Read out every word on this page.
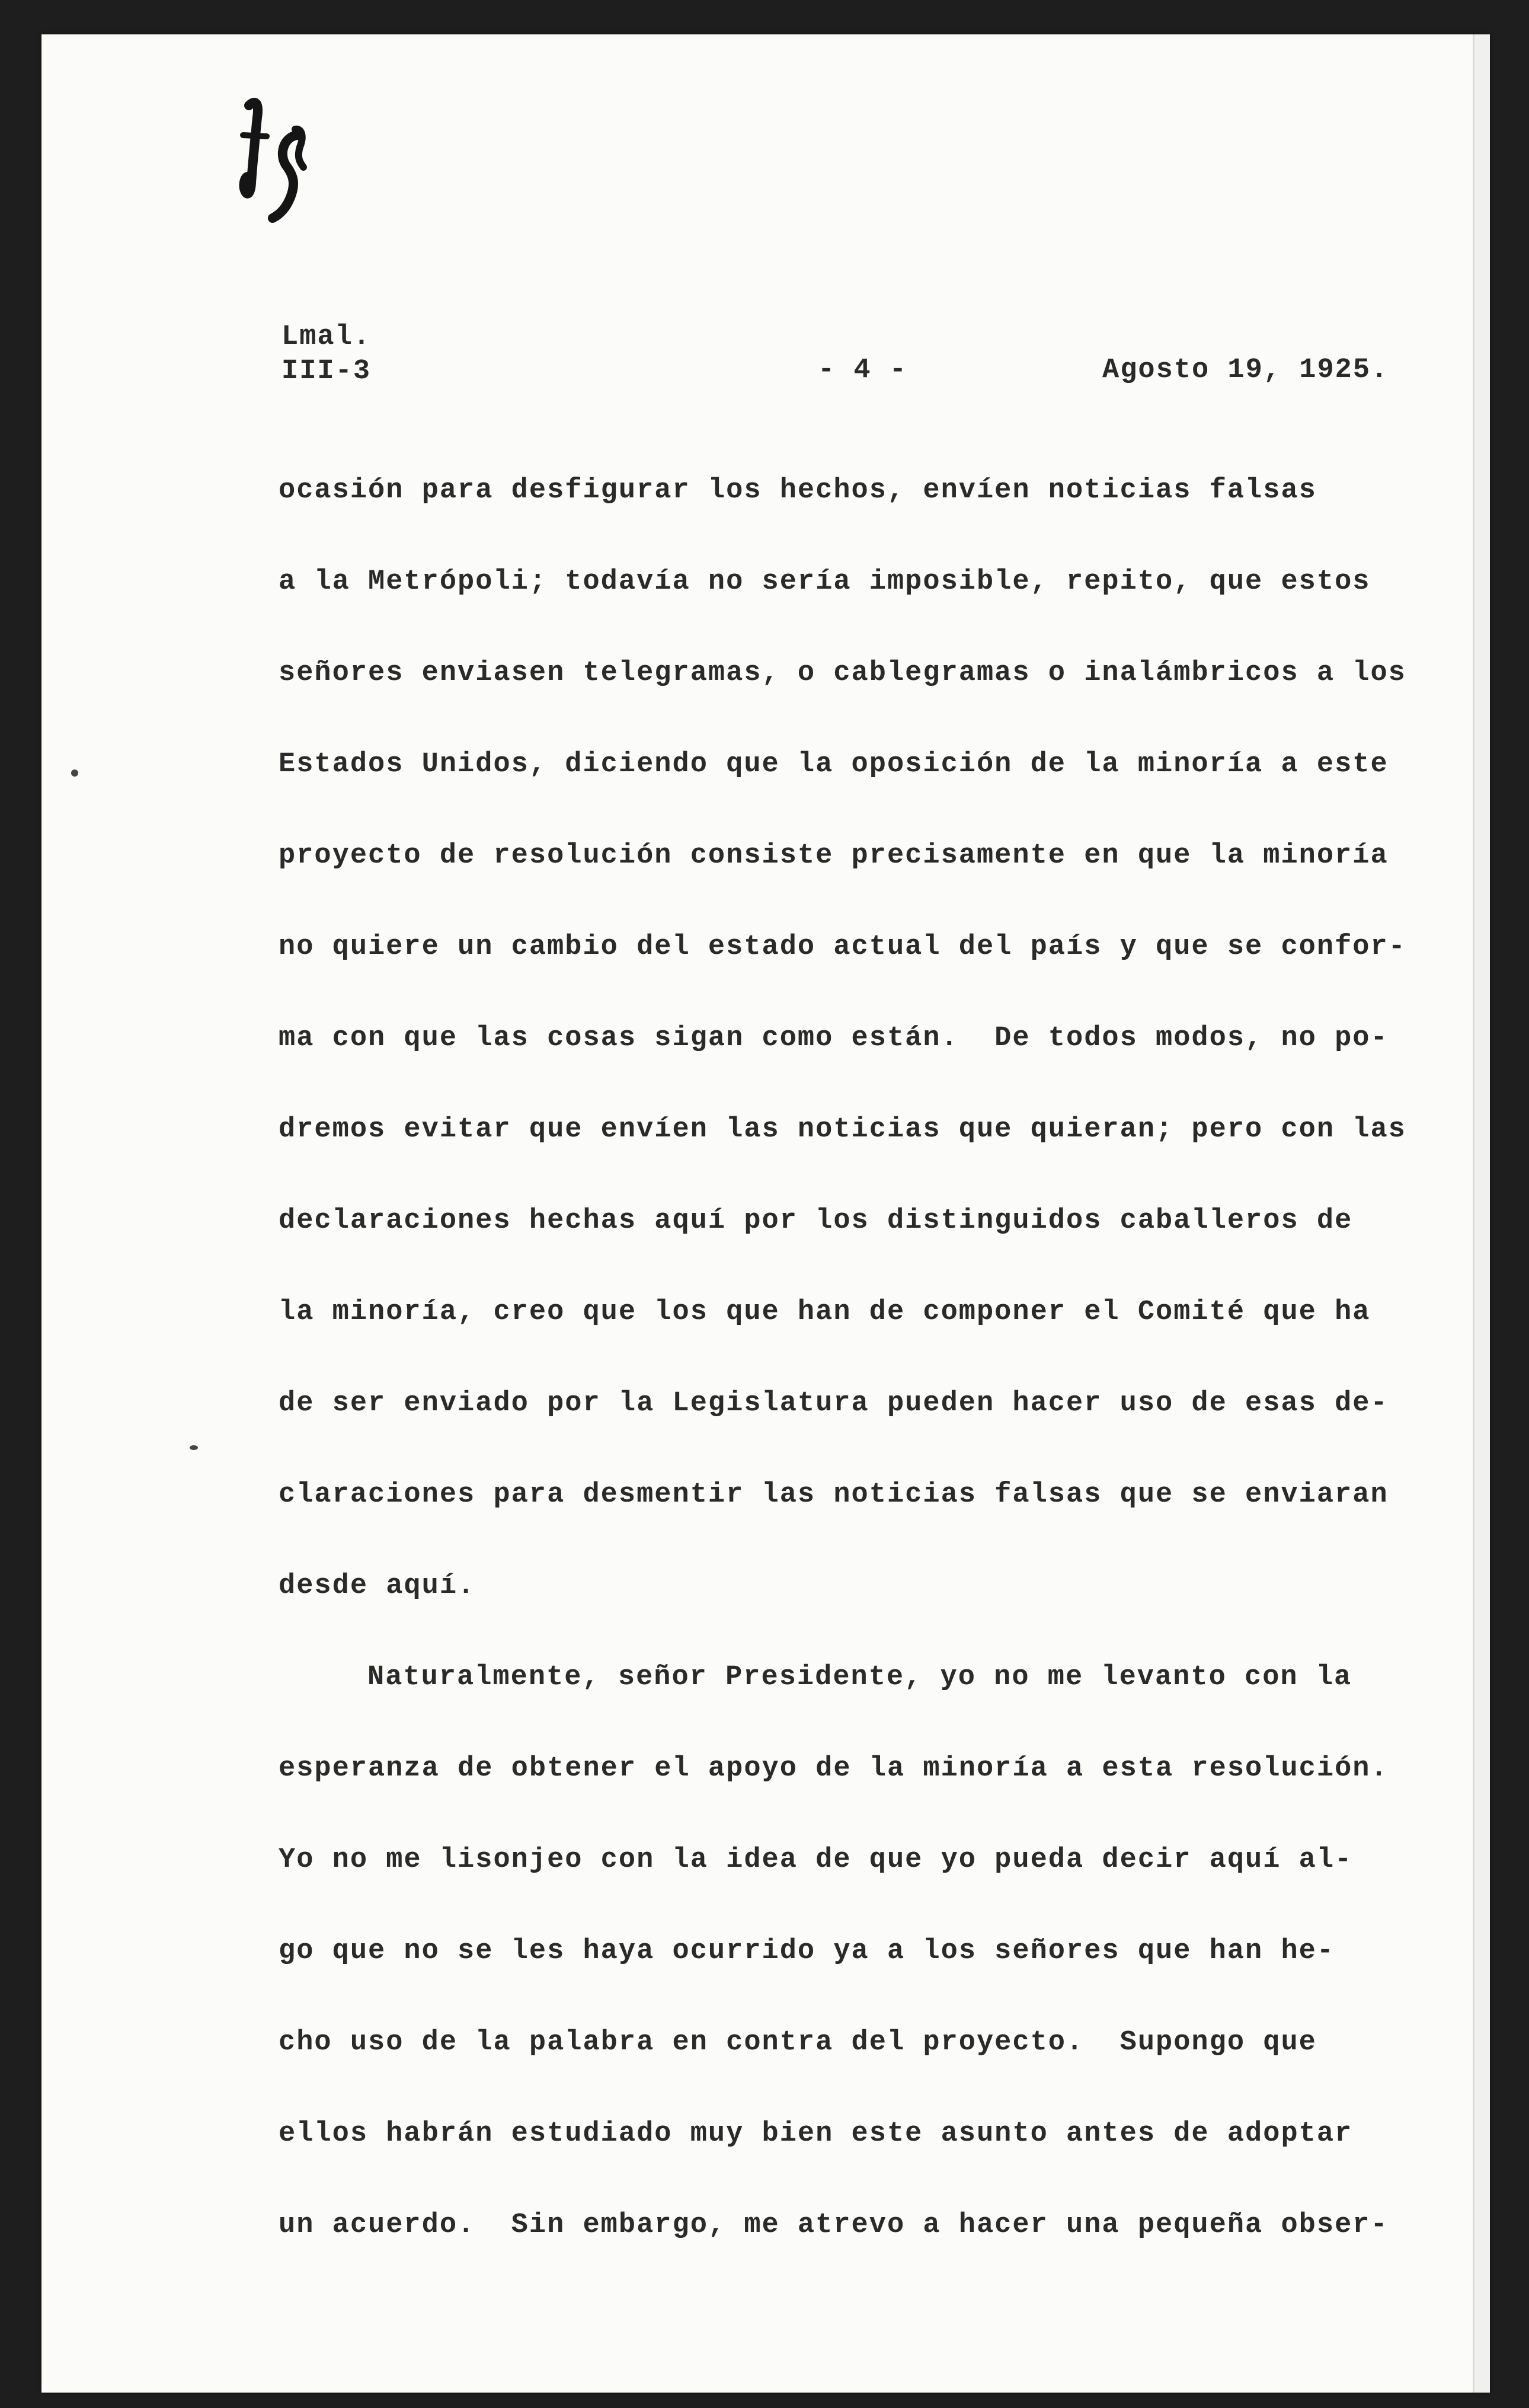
Lmal.
III-3	- 4 -	Agosto 19, 1925.
ocasión para desfigurar los hechos, envíen noticias falsas
a la Metrópoli; todavía no sería imposible, repito, que estos
señores enviasen telegramas, o cablegramas o inalámbricos a los
Estados Unidos, diciendo que la oposición de la minoría a este
proyecto de resolución consiste precisamente en que la minoría
no quiere un cambio del estado actual del país y que se confor-
ma con que las cosas sigan como están.  De todos modos, no po-
dremos evitar que envíen las noticias que quieran; pero con las
declaraciones hechas aquí por los distinguidos caballeros de
la minoría, creo que los que han de componer el Comité que ha
de ser enviado por la Legislatura pueden hacer uso de esas de-
claraciones para desmentir las noticias falsas que se enviaran
desde aquí.
Naturalmente, señor Presidente, yo no me levanto con la
esperanza de obtener el apoyo de la minoría a esta resolución.
Yo no me lisonjeo con la idea de que yo pueda decir aquí al-
go que no se les haya ocurrido ya a los señores que han he-
cho uso de la palabra en contra del proyecto.  Supongo que
ellos habrán estudiado muy bien este asunto antes de adoptar
un acuerdo.  Sin embargo, me atrevo a hacer una pequeña obser-
